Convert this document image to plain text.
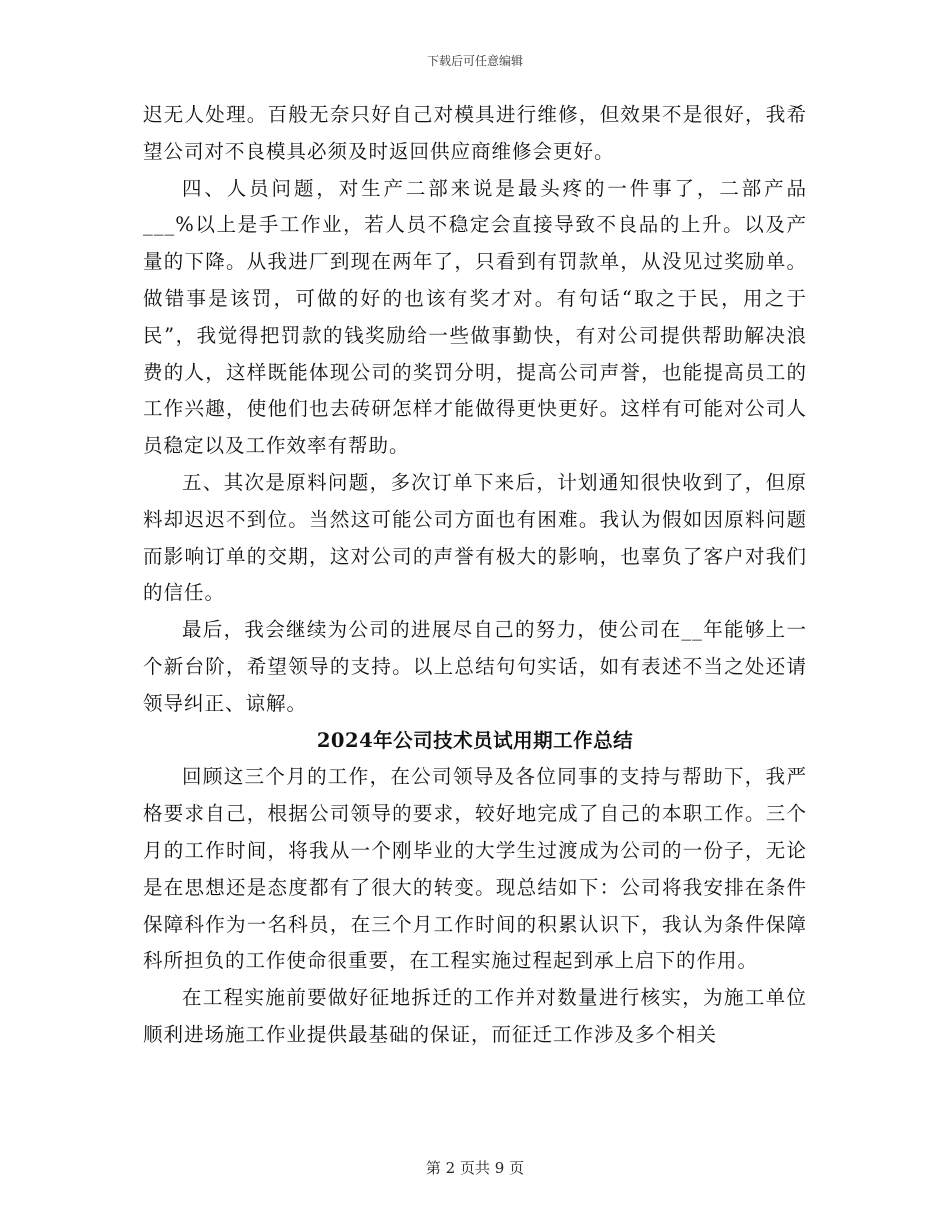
下载后可任意编辑

迟无人处理。百般无奈只好自己对模具进行维修，但效果不是很好，我希望公司对不良模具必须及时返回供应商维修会更好。

四、人员问题，对生产二部来说是最头疼的一件事了，二部产品___%以上是手工作业，若人员不稳定会直接导致不良品的上升。以及产量的下降。从我进厂到现在两年了，只看到有罚款单，从没见过奖励单。做错事是该罚，可做的好的也该有奖才对。有句话“取之于民，用之于民”，我觉得把罚款的钱奖励给一些做事勤快，有对公司提供帮助解决浪费的人，这样既能体现公司的奖罚分明，提高公司声誉，也能提高员工的工作兴趣，使他们也去砖研怎样才能做得更快更好。这样有可能对公司人员稳定以及工作效率有帮助。

五、其次是原料问题，多次订单下来后，计划通知很快收到了，但原料却迟迟不到位。当然这可能公司方面也有困难。我认为假如因原料问题而影响订单的交期，这对公司的声誉有极大的影响，也辜负了客户对我们的信任。

最后，我会继续为公司的进展尽自己的努力，使公司在__年能够上一个新台阶，希望领导的支持。以上总结句句实话，如有表述不当之处还请领导纠正、谅解。

2024年公司技术员试用期工作总结

回顾这三个月的工作，在公司领导及各位同事的支持与帮助下，我严格要求自己，根据公司领导的要求，较好地完成了自己的本职工作。三个月的工作时间，将我从一个刚毕业的大学生过渡成为公司的一份子，无论是在思想还是态度都有了很大的转变。现总结如下：公司将我安排在条件保障科作为一名科员，在三个月工作时间的积累认识下，我认为条件保障科所担负的工作使命很重要，在工程实施过程起到承上启下的作用。

在工程实施前要做好征地拆迁的工作并对数量进行核实，为施工单位顺利进场施工作业提供最基础的保证，而征迁工作涉及多个相关

第 2 页共 9 页
